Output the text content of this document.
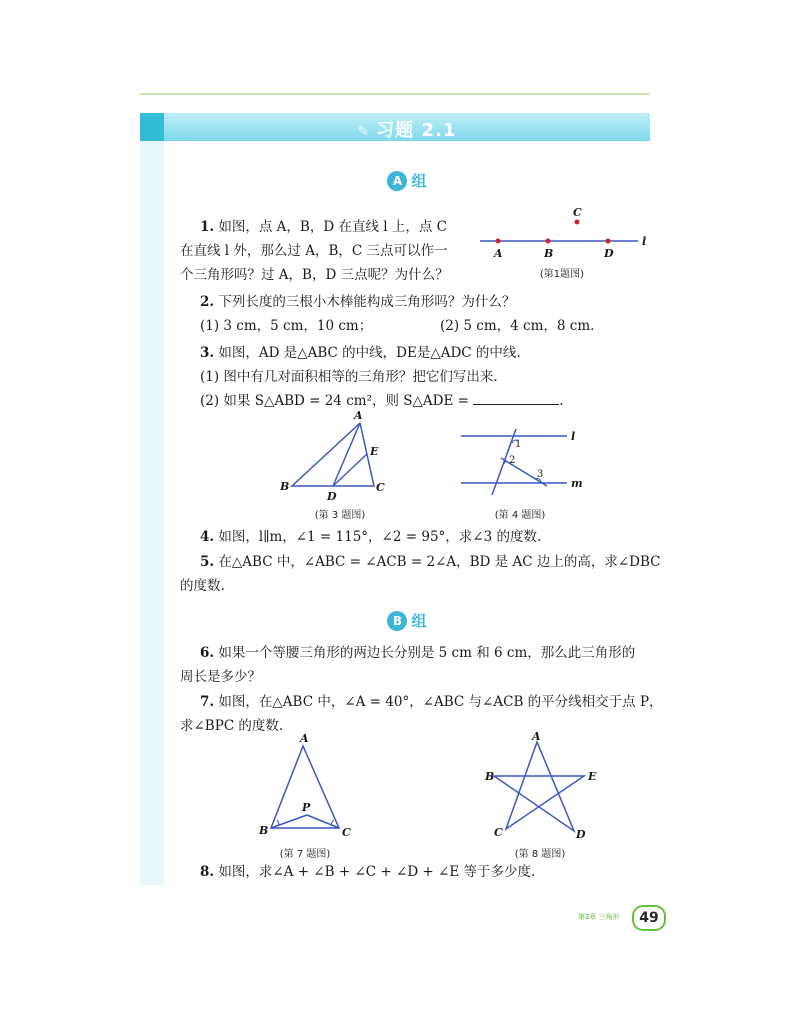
✎ 习题 2.1
A 组
1. 如图，点 A，B，D 在直线 l 上，点 C
在直线 l 外，那么过 A，B，C 三点可以作一
个三角形吗？过 A，B，D 三点呢？为什么？
C
A	B	D
l
(第1题图)
2. 下列长度的三根小木棒能构成三角形吗？为什么？
(1) 3 cm，5 cm，10 cm；	(2) 5 cm，4 cm，8 cm.
3. 如图，AD 是△ABC 的中线，DE是△ADC 的中线.
(1) 图中有几对面积相等的三角形？把它们写出来.
(2) 如果 S△ABD = 24 cm²，则 S△ADE =	.
A
B	C
D
E
(第 3 题图)
1
2
3
l
m
(第 4 题图)
4. 如图，l∥m，∠1 = 115°，∠2 = 95°，求∠3 的度数.
5. 在△ABC 中，∠ABC = ∠ACB = 2∠A，BD 是 AC 边上的高，求∠DBC
的度数.
B 组
6. 如果一个等腰三角形的两边长分别是 5 cm 和 6 cm，那么此三角形的
周长是多少？
7. 如图，在△ABC 中，∠A = 40°，∠ABC 与∠ACB 的平分线相交于点 P，
求∠BPC 的度数.
A
P
B	C
(第 7 题图)
A
B	E
C	D
(第 8 题图)
8. 如图，求∠A + ∠B + ∠C + ∠D + ∠E 等于多少度.
第2章 三角形	49
